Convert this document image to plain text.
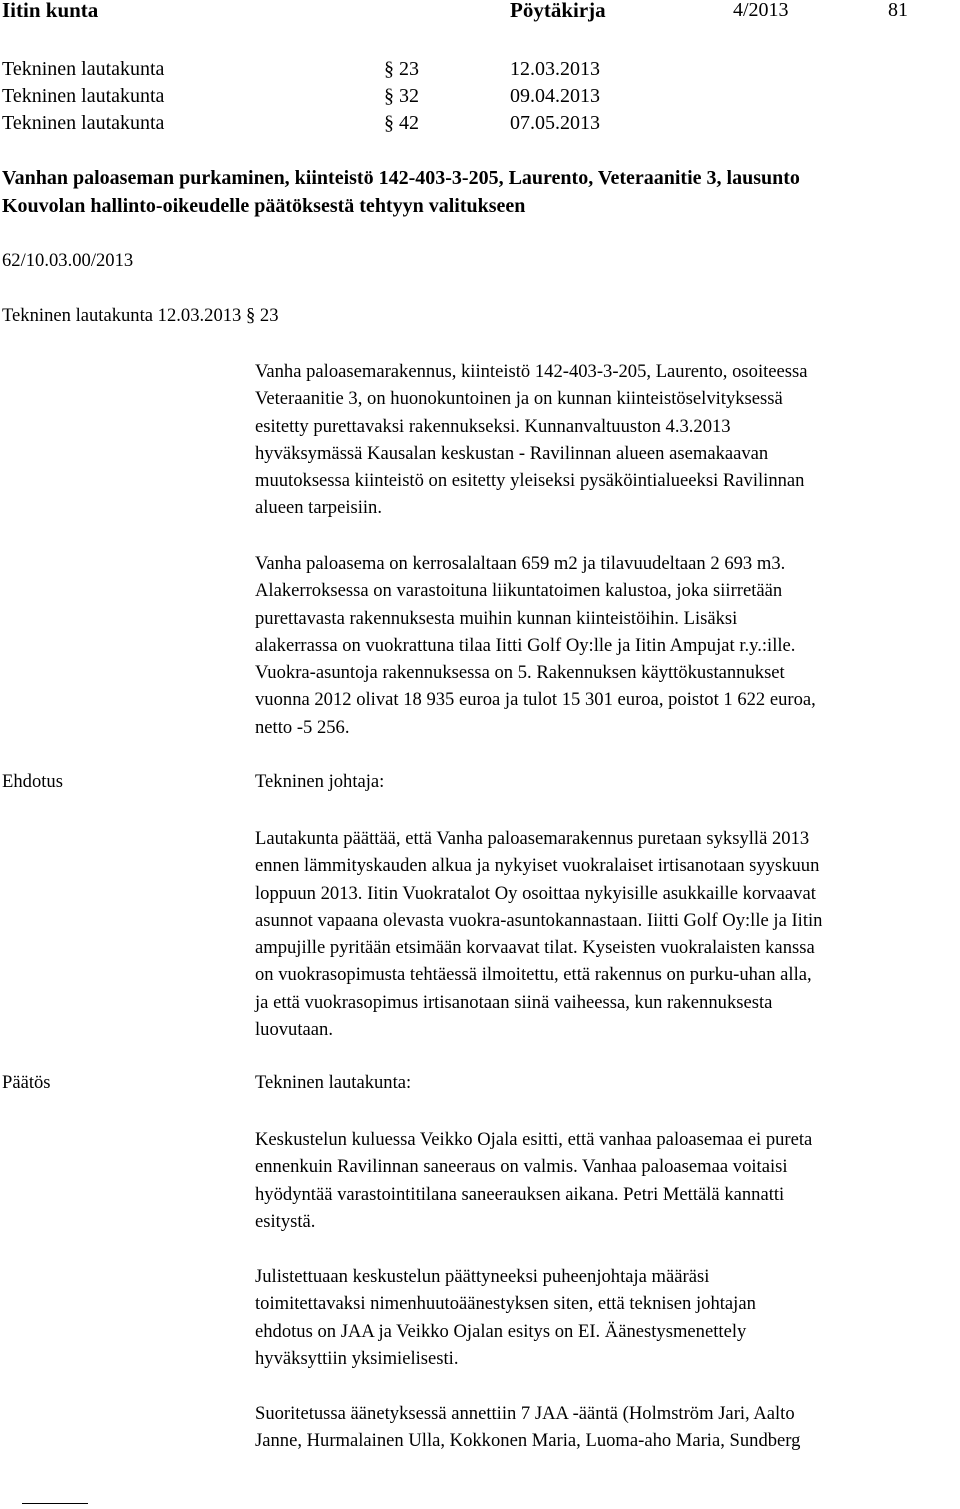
Iitin kunta	Pöytäkirja	4/2013	81
Tekninen lautakunta	§ 23	12.03.2013
Tekninen lautakunta	§ 32	09.04.2013
Tekninen lautakunta	§ 42	07.05.2013
Vanhan paloaseman purkaminen, kiinteistö 142-403-3-205, Laurento, Veteraanitie 3, lausunto
Kouvolan hallinto-oikeudelle päätöksestä tehtyyn valitukseen
62/10.03.00/2013
Tekninen lautakunta 12.03.2013 § 23
Vanha paloasemarakennus, kiinteistö 142-403-3-205, Laurento, osoiteessa
Veteraanitie 3, on huonokuntoinen ja on kunnan kiinteistöselvityksessä
esitetty purettavaksi rakennukseksi. Kunnanvaltuuston 4.3.2013
hyväksymässä Kausalan keskustan - Ravilinnan alueen asemakaavan
muutoksessa kiinteistö on esitetty yleiseksi pysäköintialueeksi Ravilinnan
alueen tarpeisiin.
Vanha paloasema on kerrosalaltaan 659 m2 ja tilavuudeltaan 2 693 m3.
Alakerroksessa on varastoituna liikuntatoimen kalustoa, joka siirretään
purettavasta rakennuksesta muihin kunnan kiinteistöihin. Lisäksi
alakerrassa on vuokrattuna tilaa Iitti Golf Oy:lle ja Iitin Ampujat r.y.:ille.
Vuokra-asuntoja rakennuksessa on 5. Rakennuksen käyttökustannukset
vuonna 2012 olivat 18 935 euroa ja tulot 15 301 euroa, poistot 1 622 euroa,
netto -5 256.
Ehdotus	Tekninen johtaja:
Lautakunta päättää, että Vanha paloasemarakennus puretaan syksyllä 2013
ennen lämmityskauden alkua ja nykyiset vuokralaiset irtisanotaan syyskuun
loppuun 2013. Iitin Vuokratalot Oy osoittaa nykyisille asukkaille korvaavat
asunnot vapaana olevasta vuokra-asuntokannastaan. Iiitti Golf Oy:lle ja Iitin
ampujille pyritään etsimään korvaavat tilat. Kyseisten vuokralaisten kanssa
on vuokrasopimusta tehtäessä ilmoitettu, että rakennus on purku-uhan alla,
ja että vuokrasopimus irtisanotaan siinä vaiheessa, kun rakennuksesta
luovutaan.
Päätös	Tekninen lautakunta:
Keskustelun kuluessa Veikko Ojala esitti, että vanhaa paloasemaa ei pureta
ennenkuin Ravilinnan saneeraus on valmis. Vanhaa paloasemaa voitaisi
hyödyntää varastointitilana saneerauksen aikana. Petri Mettälä kannatti
esitystä.
Julistettuaan keskustelun päättyneeksi puheenjohtaja määräsi
toimitettavaksi nimenhuutoäänestyksen siten, että teknisen johtajan
ehdotus on JAA ja Veikko Ojalan esitys on EI. Äänestysmenettely
hyväksyttiin yksimielisesti.
Suoritetussa äänetyksessä annettiin 7 JAA -ääntä (Holmström Jari, Aalto
Janne, Hurmalainen Ulla, Kokkonen Maria, Luoma-aho Maria, Sundberg
